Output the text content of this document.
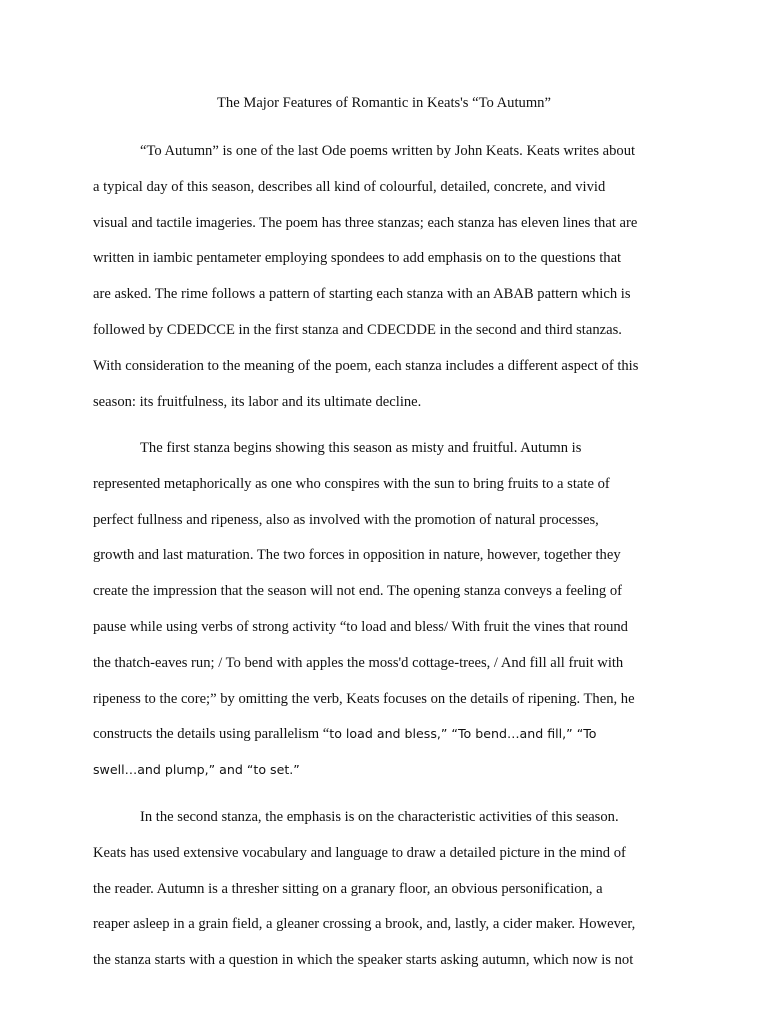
The Major Features of Romantic in Keats's “To Autumn”
“To Autumn” is one of the last Ode poems written by John Keats. Keats writes about
a typical day of this season, describes all kind of colourful, detailed, concrete, and vivid
visual and tactile imageries. The poem has three stanzas; each stanza has eleven lines that are
written in iambic pentameter employing spondees to add emphasis on to the questions that
are asked. The rime follows a pattern of starting each stanza with an ABAB pattern which is
followed by CDEDCCE in the first stanza and CDECDDE in the second and third stanzas.
With consideration to the meaning of the poem, each stanza includes a different aspect of this
season: its fruitfulness, its labor and its ultimate decline.
The first stanza begins showing this season as misty and fruitful. Autumn is
represented metaphorically as one who conspires with the sun to bring fruits to a state of
perfect fullness and ripeness, also as involved with the promotion of natural processes,
growth and last maturation. The two forces in opposition in nature, however, together they
create the impression that the season will not end. The opening stanza conveys a feeling of
pause while using verbs of strong activity “to load and bless/ With fruit the vines that round
the thatch-eaves run; / To bend with apples the moss'd cottage-trees, / And fill all fruit with
ripeness to the core;” by omitting the verb, Keats focuses on the details of ripening. Then, he
constructs the details using parallelism “to load and bless,” “To bend…and fill,” “To
swell…and plump,” and “to set.”
In the second stanza, the emphasis is on the characteristic activities of this season.
Keats has used extensive vocabulary and language to draw a detailed picture in the mind of
the reader. Autumn is a thresher sitting on a granary floor, an obvious personification, a
reaper asleep in a grain field, a gleaner crossing a brook, and, lastly, a cider maker. However,
the stanza starts with a question in which the speaker starts asking autumn, which now is not
